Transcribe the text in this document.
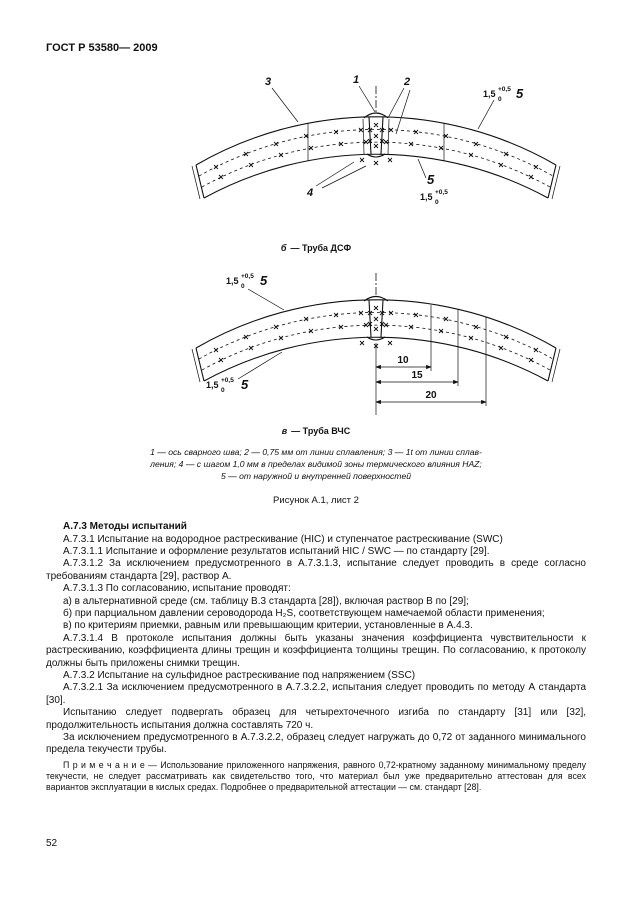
ГОСТ Р 53580— 2009
3	1	2
4
1,5 +0,5
0 5
5
1,5 +0,5
0
б — Труба ДСФ
10
15
20
1,5 +0,5
0 5
1,5 +0,5
0 5
в — Труба ВЧС
1 — ось сварного шва; 2 — 0,75 мм от линии сплавления; 3 — 1t от линии сплав-
ления; 4 — с шагом 1,0 мм в пределах видимой зоны термического влияния HAZ;
5 — от наружной и внутренней поверхностей
Рисунок А.1, лист 2

А.7.3 Методы испытаний

А.7.3.1 Испытание на водородное растрескивание (HIC) и ступенчатое растрескивание (SWC)

А.7.3.1.1 Испытание и оформление результатов испытаний HIC / SWC — по стандарту [29].

А.7.3.1.2 За исключением предусмотренного в А.7.3.1.3, испытание следует проводить в среде согласно требованиям стандарта [29], раствор А.

А.7.3.1.3 По согласованию, испытание проводят:

а) в альтернативной среде (см. таблицу В.3 стандарта [28]), включая раствор В по [29];

б) при парциальном давлении сероводорода H₂S, соответствующем намечаемой области применения;

в) по критериям приемки, равным или превышающим критерии, установленные в А.4.3.

А.7.3.1.4 В протоколе испытания должны быть указаны значения коэффициента чувствительности к растрескиванию, коэффициента длины трещин и коэффициента толщины трещин. По согласованию, к протоколу должны быть приложены снимки трещин.

А.7.3.2 Испытание на сульфидное растрескивание под напряжением (SSC)

А.7.3.2.1 За исключением предусмотренного в А.7.3.2.2, испытания следует проводить по методу А стандарта [30].

Испытанию следует подвергать образец для четырехточечного изгиба по стандарту [31] или [32], продолжительность испытания должна составлять 720 ч.

За исключением предусмотренного в А.7.3.2.2, образец следует нагружать до 0,72 от заданного минимального предела текучести трубы.

П р и м е ч а н и е — Использование приложенного напряжения, равного 0,72-кратному заданному минимальному пределу текучести, не следует рассматривать как свидетельство того, что материал был уже предварительно аттестован для всех вариантов эксплуатации в кислых средах. Подробнее о предварительной аттестации — см. стандарт [28].

52
